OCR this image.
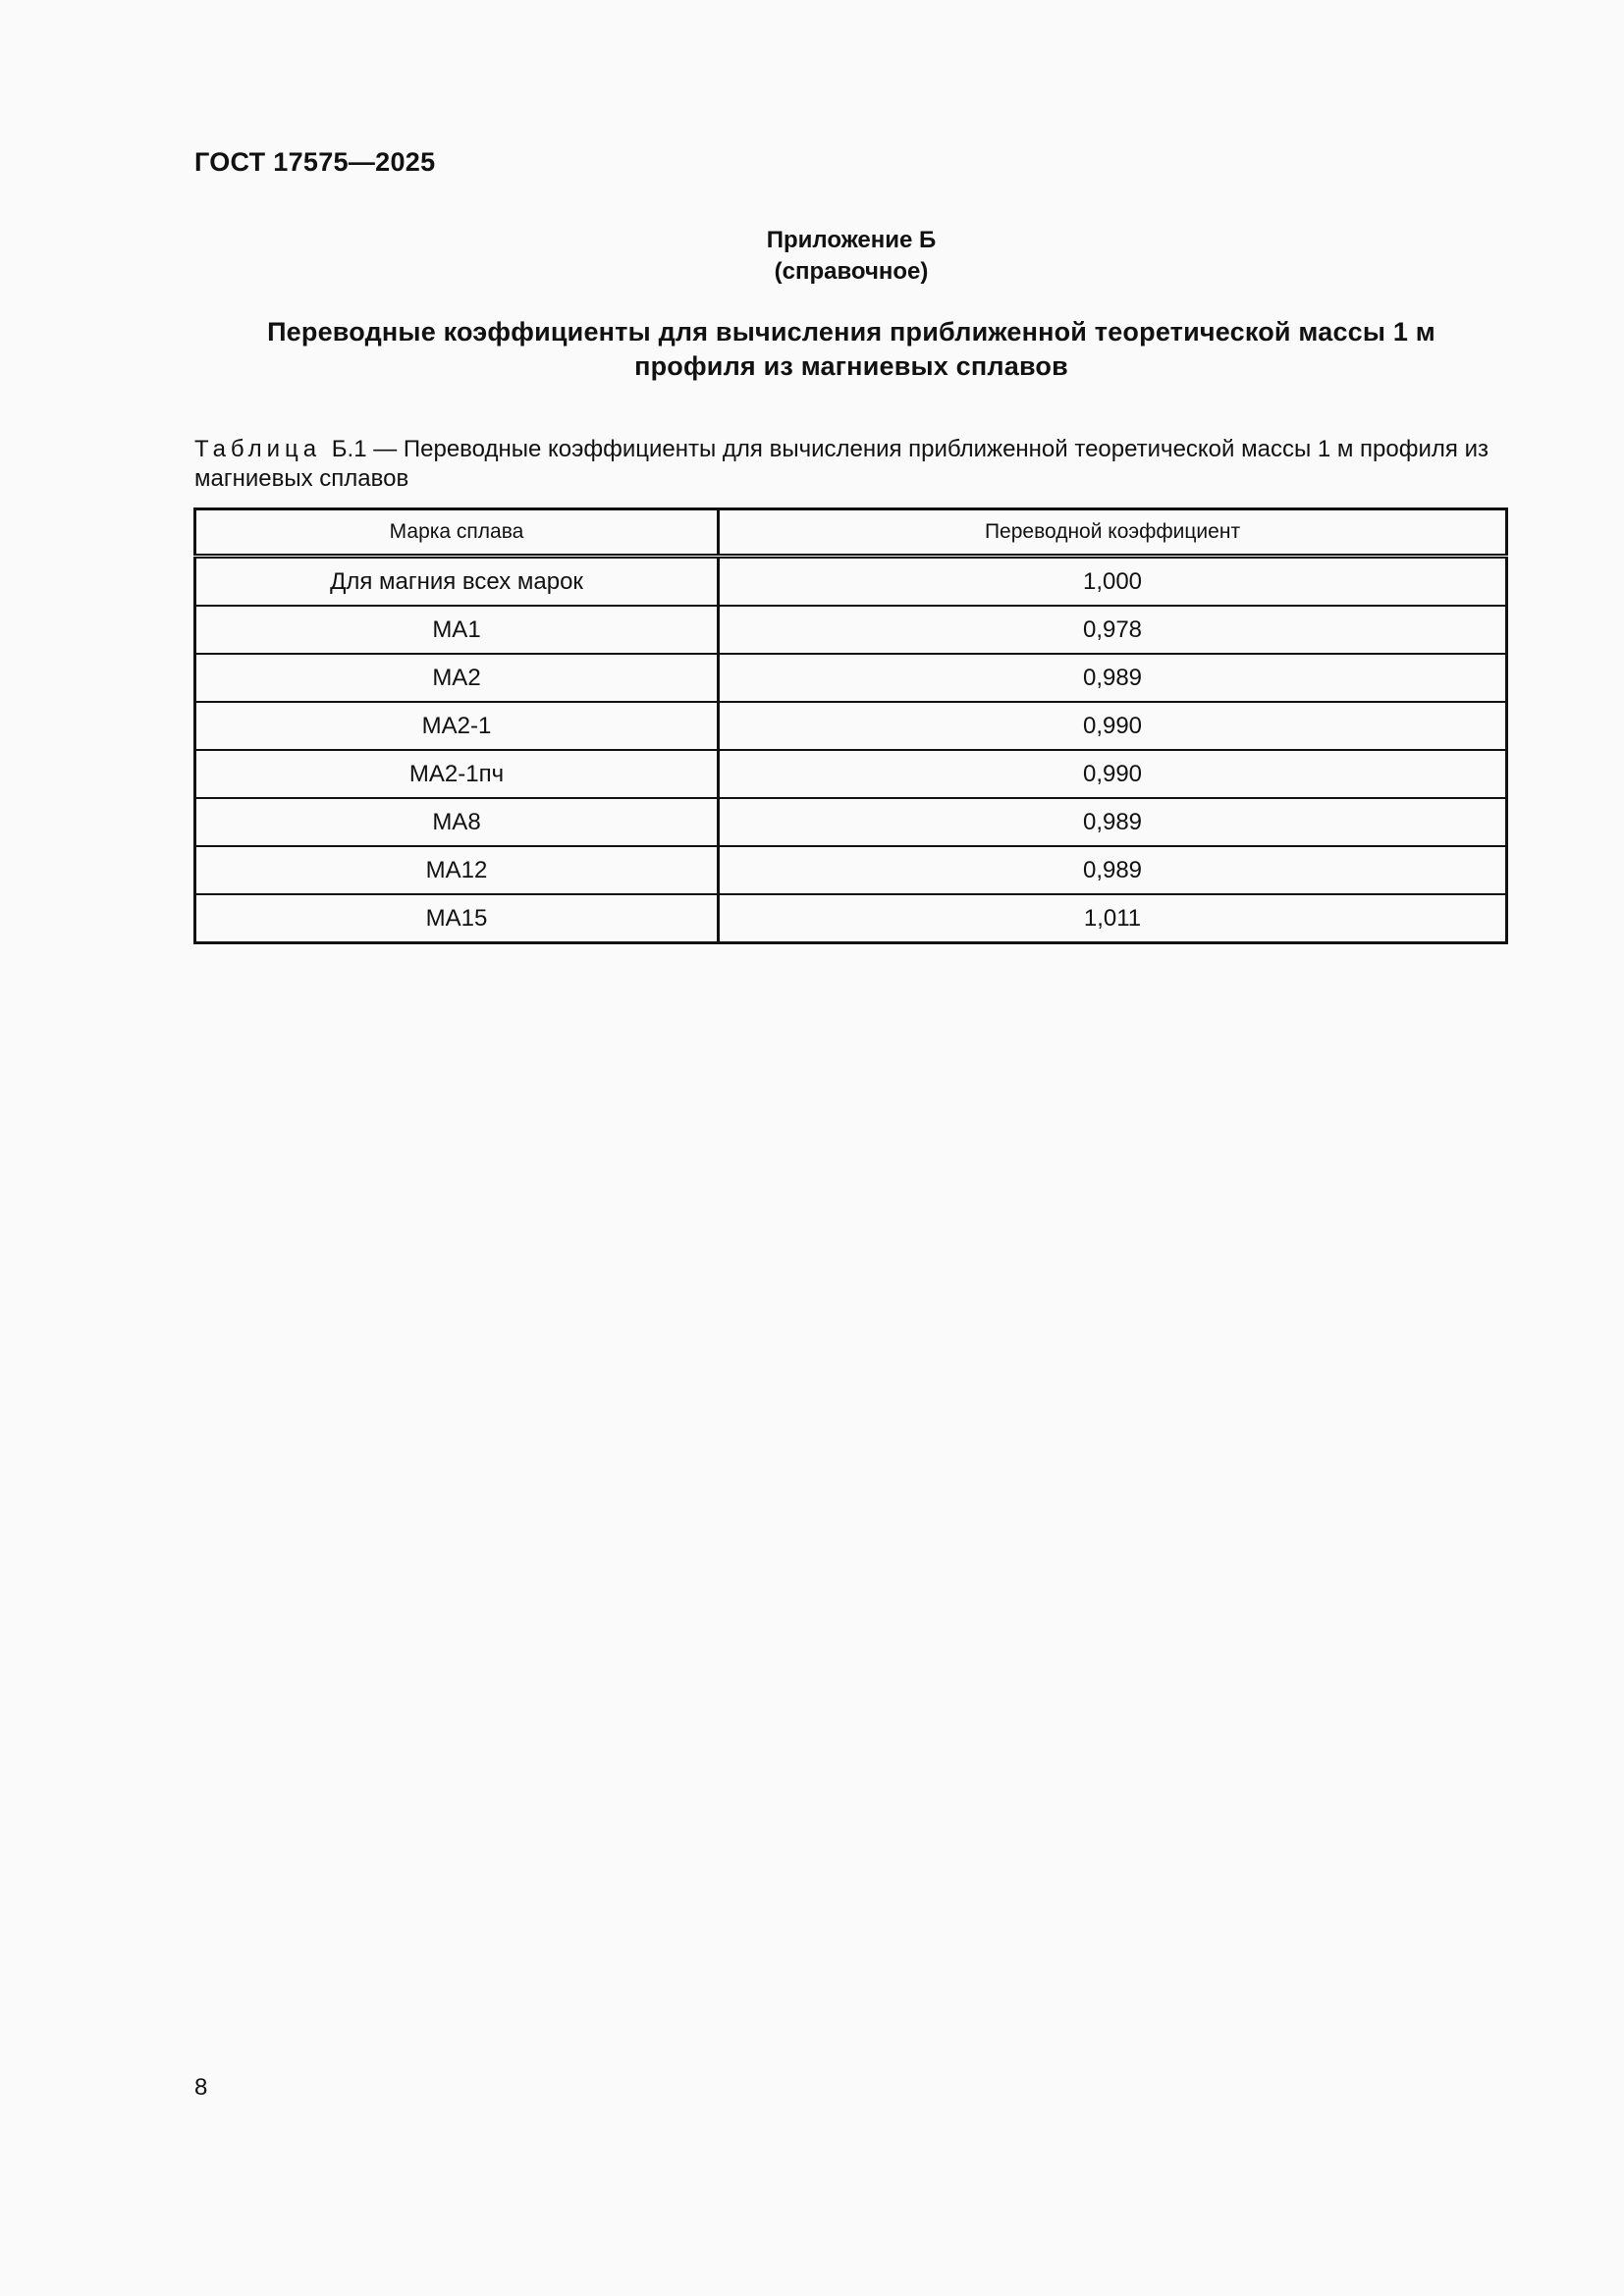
ГОСТ 17575—2025
Приложение Б
(справочное)
Переводные коэффициенты для вычисления приближенной теоретической массы 1 м
профиля из магниевых сплавов
Таблица Б.1 — Переводные коэффициенты для вычисления приближенной теоретической массы 1 м профиля из магниевых сплавов
Марка сплава	Переводной коэффициент
Для магния всех марок	1,000
МА1	0,978
МА2	0,989
МА2-1	0,990
МА2-1пч	0,990
МА8	0,989
МА12	0,989
МА15	1,011
8
